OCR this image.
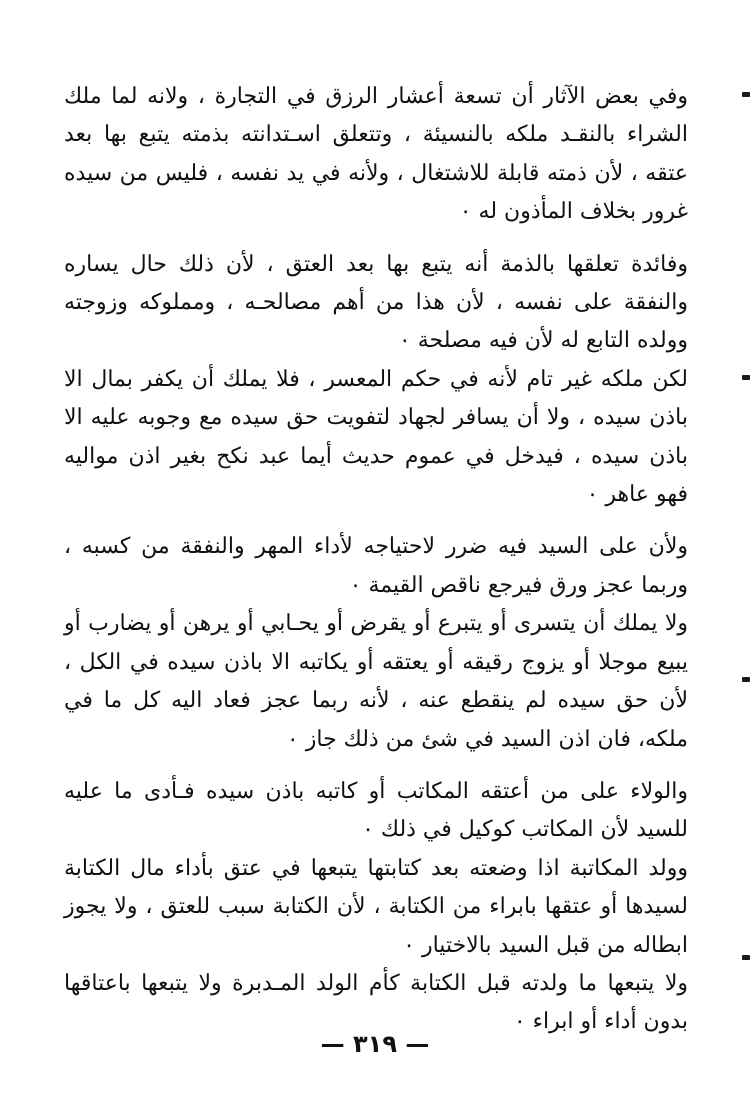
وفي بعض الآثار أن تسعة أعشار الرزق في التجارة ، ولانه لما ملك الشراء بالنقـد ملكه بالنسيئة ، وتتعلق اسـتدانته بذمته يتبع بها بعد عتقه ، لأن ذمته قابلة للاشتغال ، ولأنه في يد نفسه ، فليس من سيده غرور بخلاف المأذون له ٠

وفائدة تعلقها بالذمة أنه يتبع بها بعد العتق ، لأن ذلك حال يساره والنفقة على نفسه ، لأن هذا من أهم مصالحـه ، ومملوكه وزوجته وولده التابع له لأن فيه مصلحة ٠

لكن ملكه غير تام لأنه في حكم المعسر ، فلا يملك أن يكفر بمال الا باذن سيده ، ولا أن يسافر لجهاد لتفويت حق سيده مع وجوبه عليه الا باذن سيده ، فيدخل في عموم حديث أيما عبد نكح بغير اذن مواليه فهو عاهر ٠

ولأن على السيد فيه ضرر لاحتياجه لأداء المهر والنفقة من كسبه ، وربما عجز ورق فيرجع ناقص القيمة ٠

ولا يملك أن يتسرى أو يتبرع أو يقرض أو يحـابي أو يرهن أو يضارب أو يبيع موجلا أو يزوج رقيقه أو يعتقه أو يكاتبه الا باذن سيده في الكل ، لأن حق سيده لم ينقطع عنه ، لأنه ربما عجز فعاد اليه كل ما في ملكه، فان اذن السيد في شئ من ذلك جاز ٠

والولاء على من أعتقه المكاتب أو كاتبه باذن سيده فـأدى ما عليه للسيد لأن المكاتب كوكيل في ذلك ٠

وولد المكاتبة اذا وضعته بعد كتابتها يتبعها في عتق بأداء مال الكتابة لسيدها أو عتقها بابراء من الكتابة ، لأن الكتابة سبب للعتق ، ولا يجوز ابطاله من قبل السيد بالاختيار ٠

ولا يتبعها ما ولدته قبل الكتابة كأم الولد المـدبرة ولا يتبعها باعتاقها بدون أداء أو ابراء ٠

— ٣١٩ —
